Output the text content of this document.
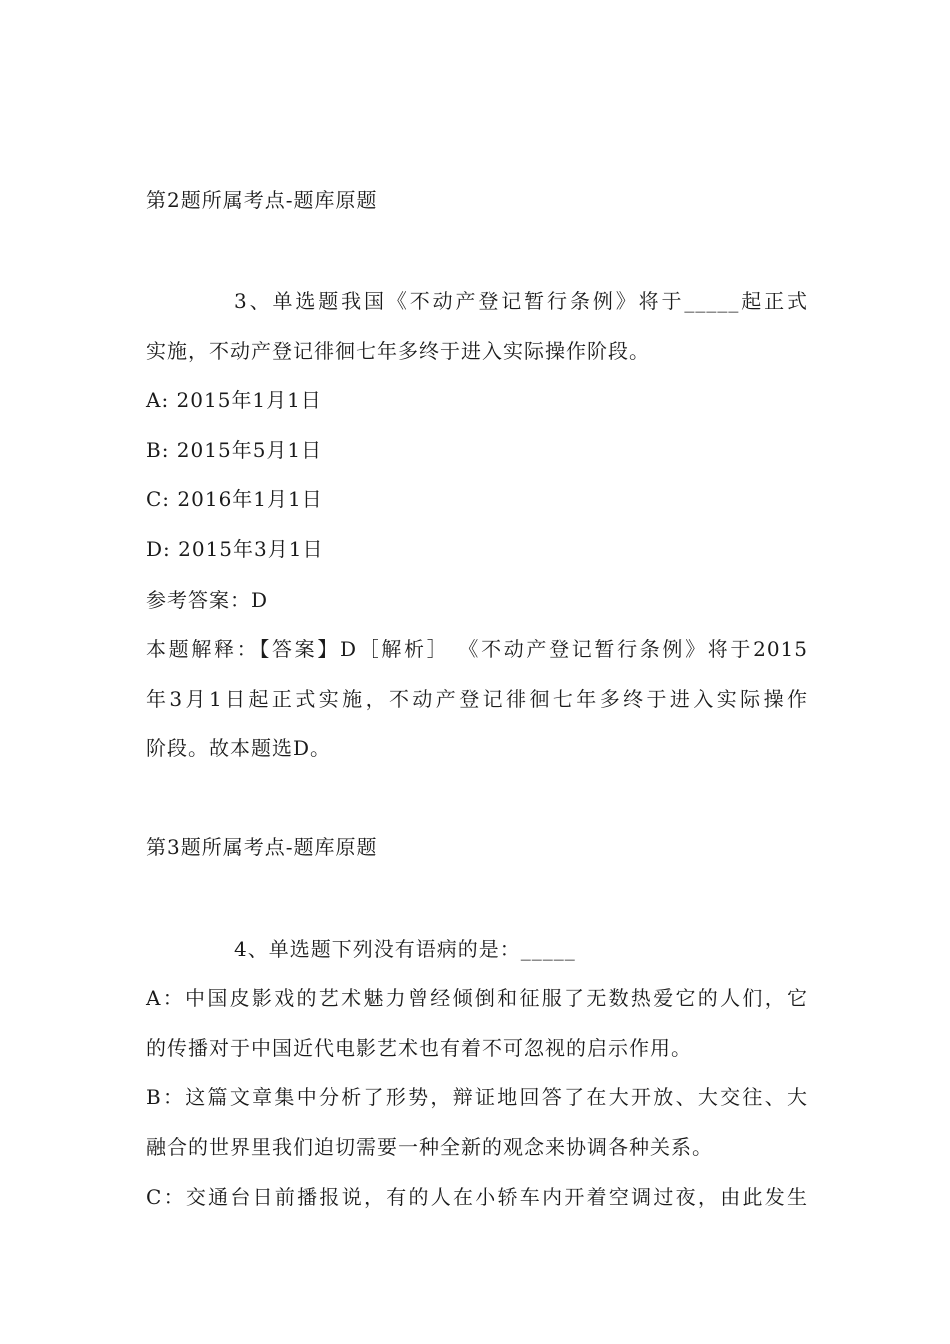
第2题所属考点-题库原题
3、单选题我国《不动产登记暂行条例》将于_____起正式
实施，不动产登记徘徊七年多终于进入实际操作阶段。
A: 2015年1月1日
B: 2015年5月1日
C: 2016年1月1日
D: 2015年3月1日
参考答案：D
本题解释：【答案】D［解析］ 《不动产登记暂行条例》将于2015
年3月1日起正式实施，不动产登记徘徊七年多终于进入实际操作
阶段。故本题选D。
第3题所属考点-题库原题
4、单选题下列没有语病的是：_____
A：中国皮影戏的艺术魅力曾经倾倒和征服了无数热爱它的人们，它
的传播对于中国近代电影艺术也有着不可忽视的启示作用。
B：这篇文章集中分析了形势，辩证地回答了在大开放、大交往、大
融合的世界里我们迫切需要一种全新的观念来协调各种关系。
C：交通台日前播报说，有的人在小轿车内开着空调过夜，由此发生
